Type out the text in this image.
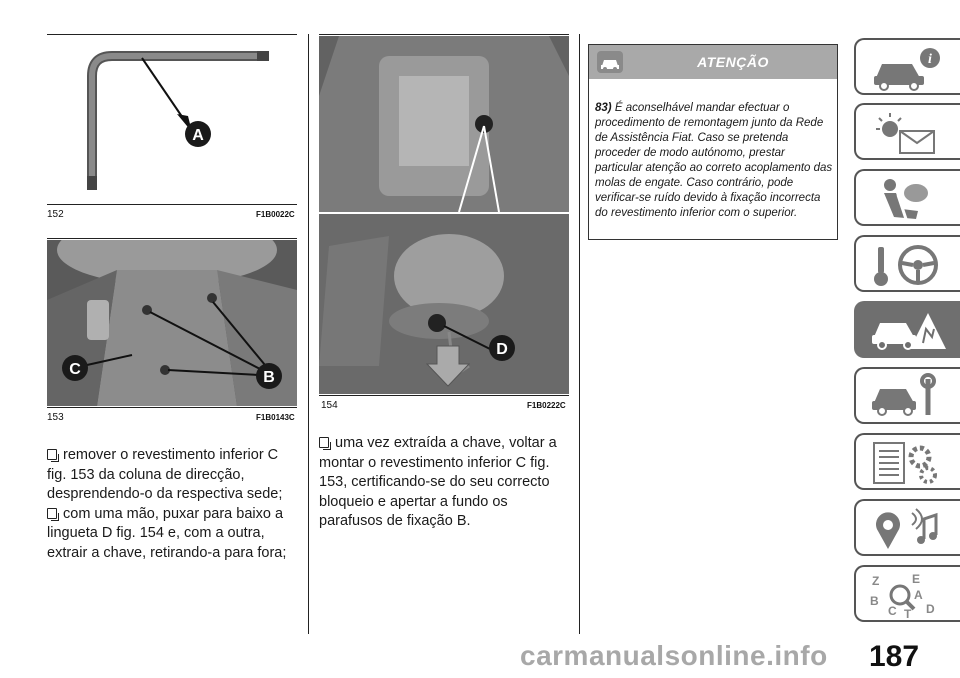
A
152	F1B0022C
C	B
153	F1B0143C
D
154	F1B0222C
remover o revestimento inferior C fig. 153 da coluna de direcção, desprendendo-o da respectiva sede;
com uma mão, puxar para baixo a lingueta D fig. 154 e, com a outra, extrair a chave, retirando-a para fora;
uma vez extraída a chave, voltar a montar o revestimento inferior C fig. 153, certificando-se do seu correcto bloqueio e apertar a fundo os parafusos de fixação B.
ATENÇÃO
83) É aconselhável mandar efectuar o procedimento de remontagem junto da Rede de Assistência Fiat. Caso se pretenda proceder de modo autónomo, prestar particular atenção ao correto acoplamento das molas de engate. Caso contrário, pode verificar-se ruído devido à fixação incorrecta do revestimento inferior com o superior.
i
Z	E
A
B
C D
T
carmanualsonline.info 187
